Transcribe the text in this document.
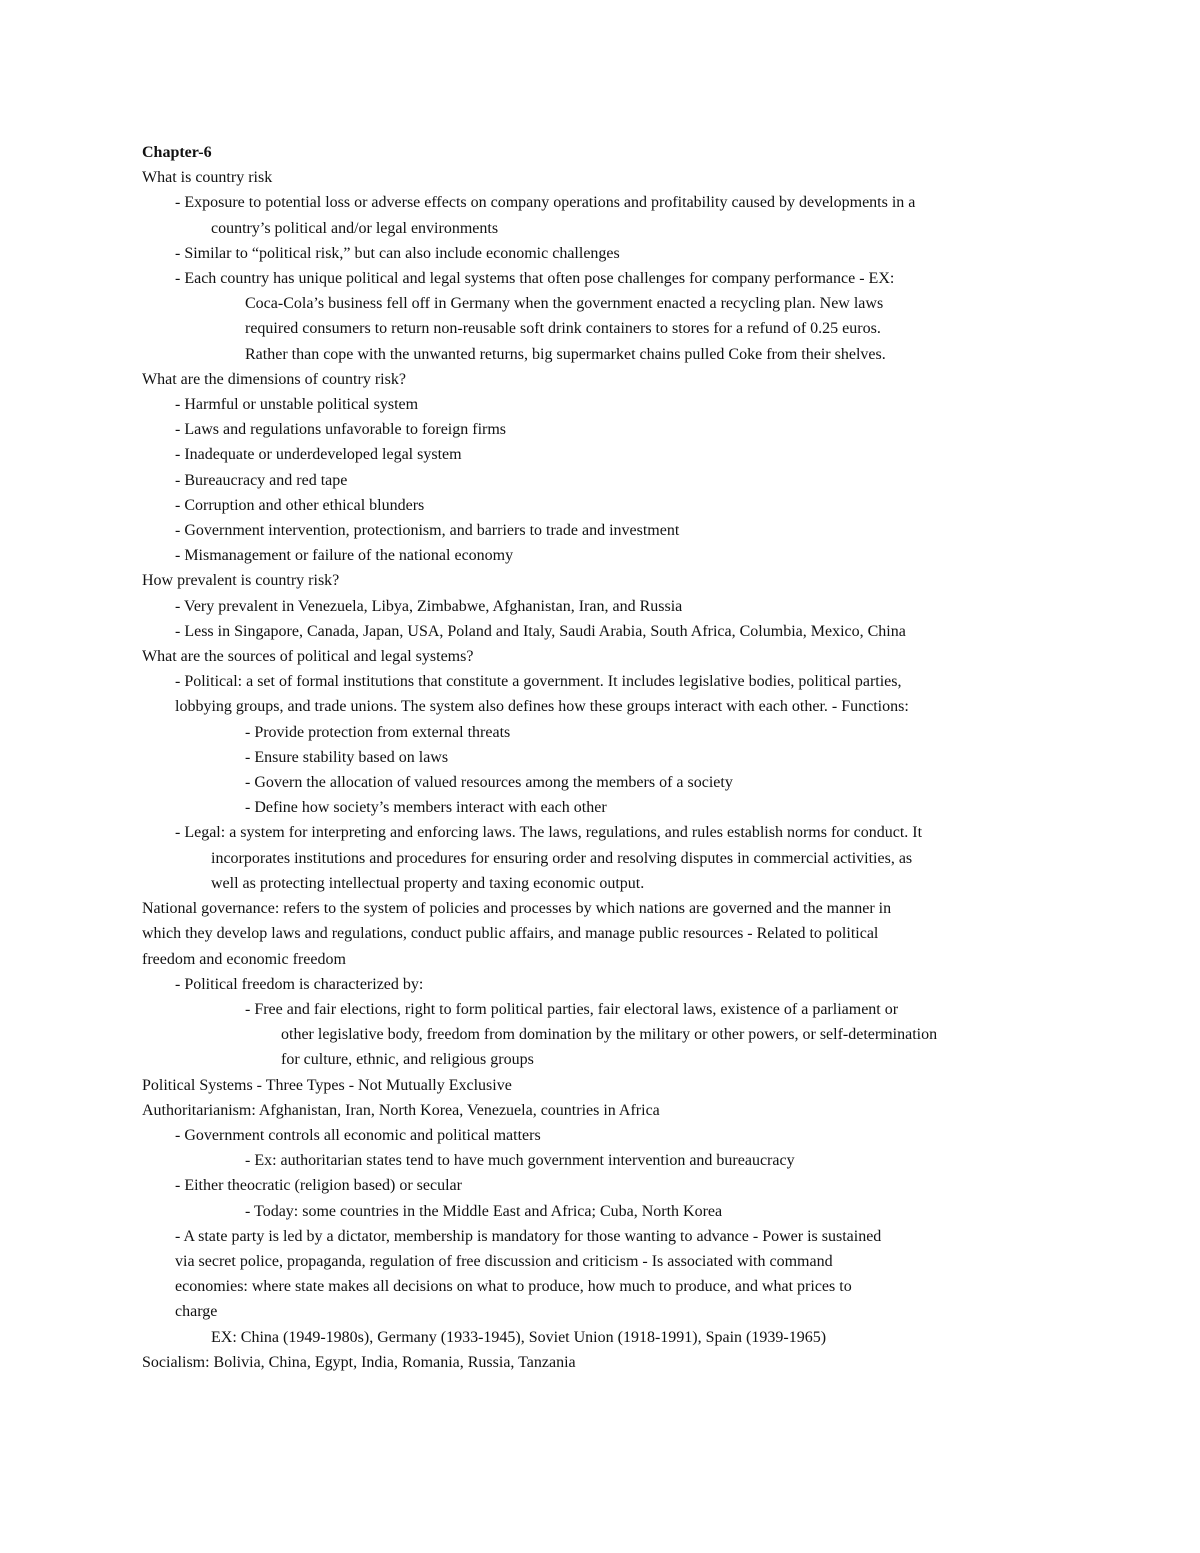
Chapter-6
What is country risk
- Exposure to potential loss or adverse effects on company operations and profitability caused by developments in a
country’s political and/or legal environments
- Similar to “political risk,” but can also include economic challenges
- Each country has unique political and legal systems that often pose challenges for company performance - EX:
Coca-Cola’s business fell off in Germany when the government enacted a recycling plan. New laws
required consumers to return non-reusable soft drink containers to stores for a refund of 0.25 euros.
Rather than cope with the unwanted returns, big supermarket chains pulled Coke from their shelves.
What are the dimensions of country risk?
- Harmful or unstable political system
- Laws and regulations unfavorable to foreign firms
- Inadequate or underdeveloped legal system
- Bureaucracy and red tape
- Corruption and other ethical blunders
- Government intervention, protectionism, and barriers to trade and investment
- Mismanagement or failure of the national economy
How prevalent is country risk?
- Very prevalent in Venezuela, Libya, Zimbabwe, Afghanistan, Iran, and Russia
- Less in Singapore, Canada, Japan, USA, Poland and Italy, Saudi Arabia, South Africa, Columbia, Mexico, China
What are the sources of political and legal systems?
- Political: a set of formal institutions that constitute a government. It includes legislative bodies, political parties,
lobbying groups, and trade unions. The system also defines how these groups interact with each other. - Functions:
- Provide protection from external threats
- Ensure stability based on laws
- Govern the allocation of valued resources among the members of a society
- Define how society’s members interact with each other
- Legal: a system for interpreting and enforcing laws. The laws, regulations, and rules establish norms for conduct. It
incorporates institutions and procedures for ensuring order and resolving disputes in commercial activities, as
well as protecting intellectual property and taxing economic output.
National governance: refers to the system of policies and processes by which nations are governed and the manner in
which they develop laws and regulations, conduct public affairs, and manage public resources - Related to political
freedom and economic freedom
- Political freedom is characterized by:
- Free and fair elections, right to form political parties, fair electoral laws, existence of a parliament or
other legislative body, freedom from domination by the military or other powers, or self-determination
for culture, ethnic, and religious groups
Political Systems - Three Types - Not Mutually Exclusive
Authoritarianism: Afghanistan, Iran, North Korea, Venezuela, countries in Africa
- Government controls all economic and political matters
- Ex: authoritarian states tend to have much government intervention and bureaucracy
- Either theocratic (religion based) or secular
- Today: some countries in the Middle East and Africa; Cuba, North Korea
- A state party is led by a dictator, membership is mandatory for those wanting to advance - Power is sustained
via secret police, propaganda, regulation of free discussion and criticism - Is associated with command
economies: where state makes all decisions on what to produce, how much to produce, and what prices to
charge
EX: China (1949-1980s), Germany (1933-1945), Soviet Union (1918-1991), Spain (1939-1965)
Socialism: Bolivia, China, Egypt, India, Romania, Russia, Tanzania
